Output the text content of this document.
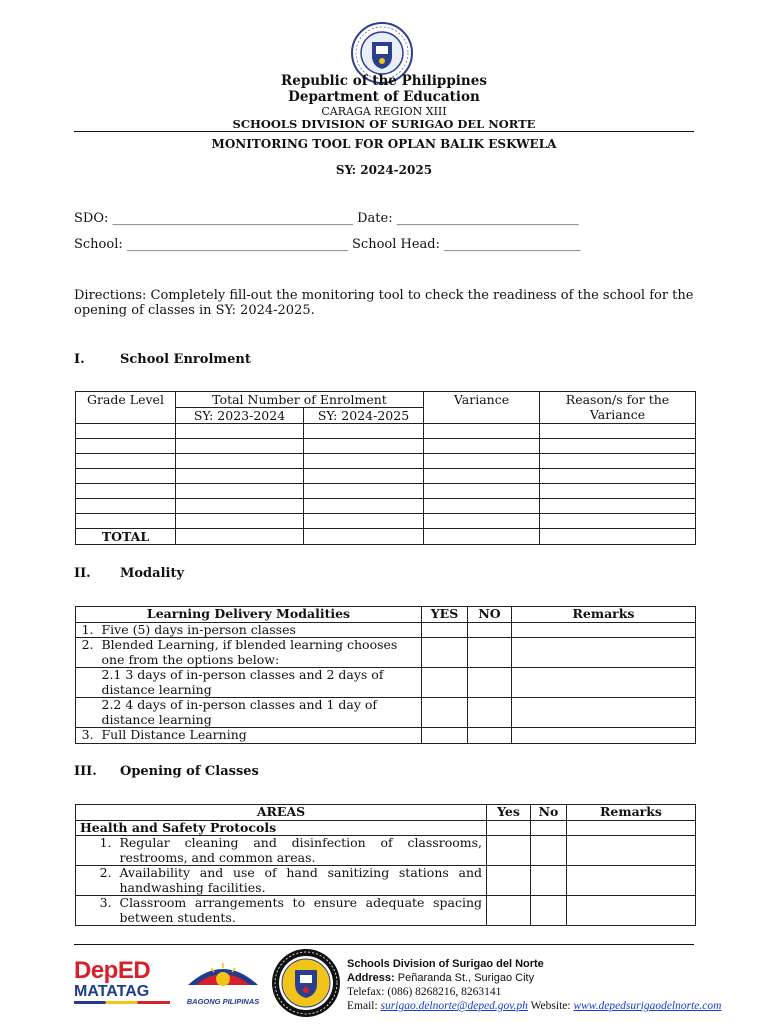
Republic of the Philippines
Department of Education
CARAGA REGION XIII
SCHOOLS DIVISION OF SURIGAO DEL NORTE
MONITORING TOOL FOR OPLAN BALIK ESKWELA
SY: 2024-2025
SDO: _____________________________________ Date: ____________________________
School: __________________________________ School Head: _____________________
Directions: Completely fill-out the monitoring tool to check the readiness of the school for the opening of classes in SY: 2024-2025.
I.	School Enrolment
Grade Level	Total Number of Enrolment		Variance	Reason/s for the Variance
	SY: 2023-2024	SY: 2024-2025		

TOTAL				
II. Modality
Learning Delivery Modalities		YES	NO	Remarks
1.	Five (5) days in-person classes			
2.	Blended Learning, if blended learning chooses one from the options below:			
	2.1 3 days of in-person classes and 2 days of distance learning			
	2.2 4 days of in-person classes and 1 day of distance learning			
3.	Full Distance Learning			
III. Opening of Classes
AREAS		Yes	No	Remarks
Health and Safety Protocols				
1.	Regular cleaning and disinfection of classrooms, restrooms, and common areas.			
2.	Availability and use of hand sanitizing stations and handwashing facilities.			
3.	Classroom arrangements to ensure adequate spacing between students.			
DepED
MATATAG
BAGONG PILIPINAS
Schools Division of Surigao del Norte
Address: Peñaranda St., Surigao City
Telefax: (086) 8268216, 8263141
Email: surigao.delnorte@deped.gov.ph Website: www.depedsurigaodelnorte.com
